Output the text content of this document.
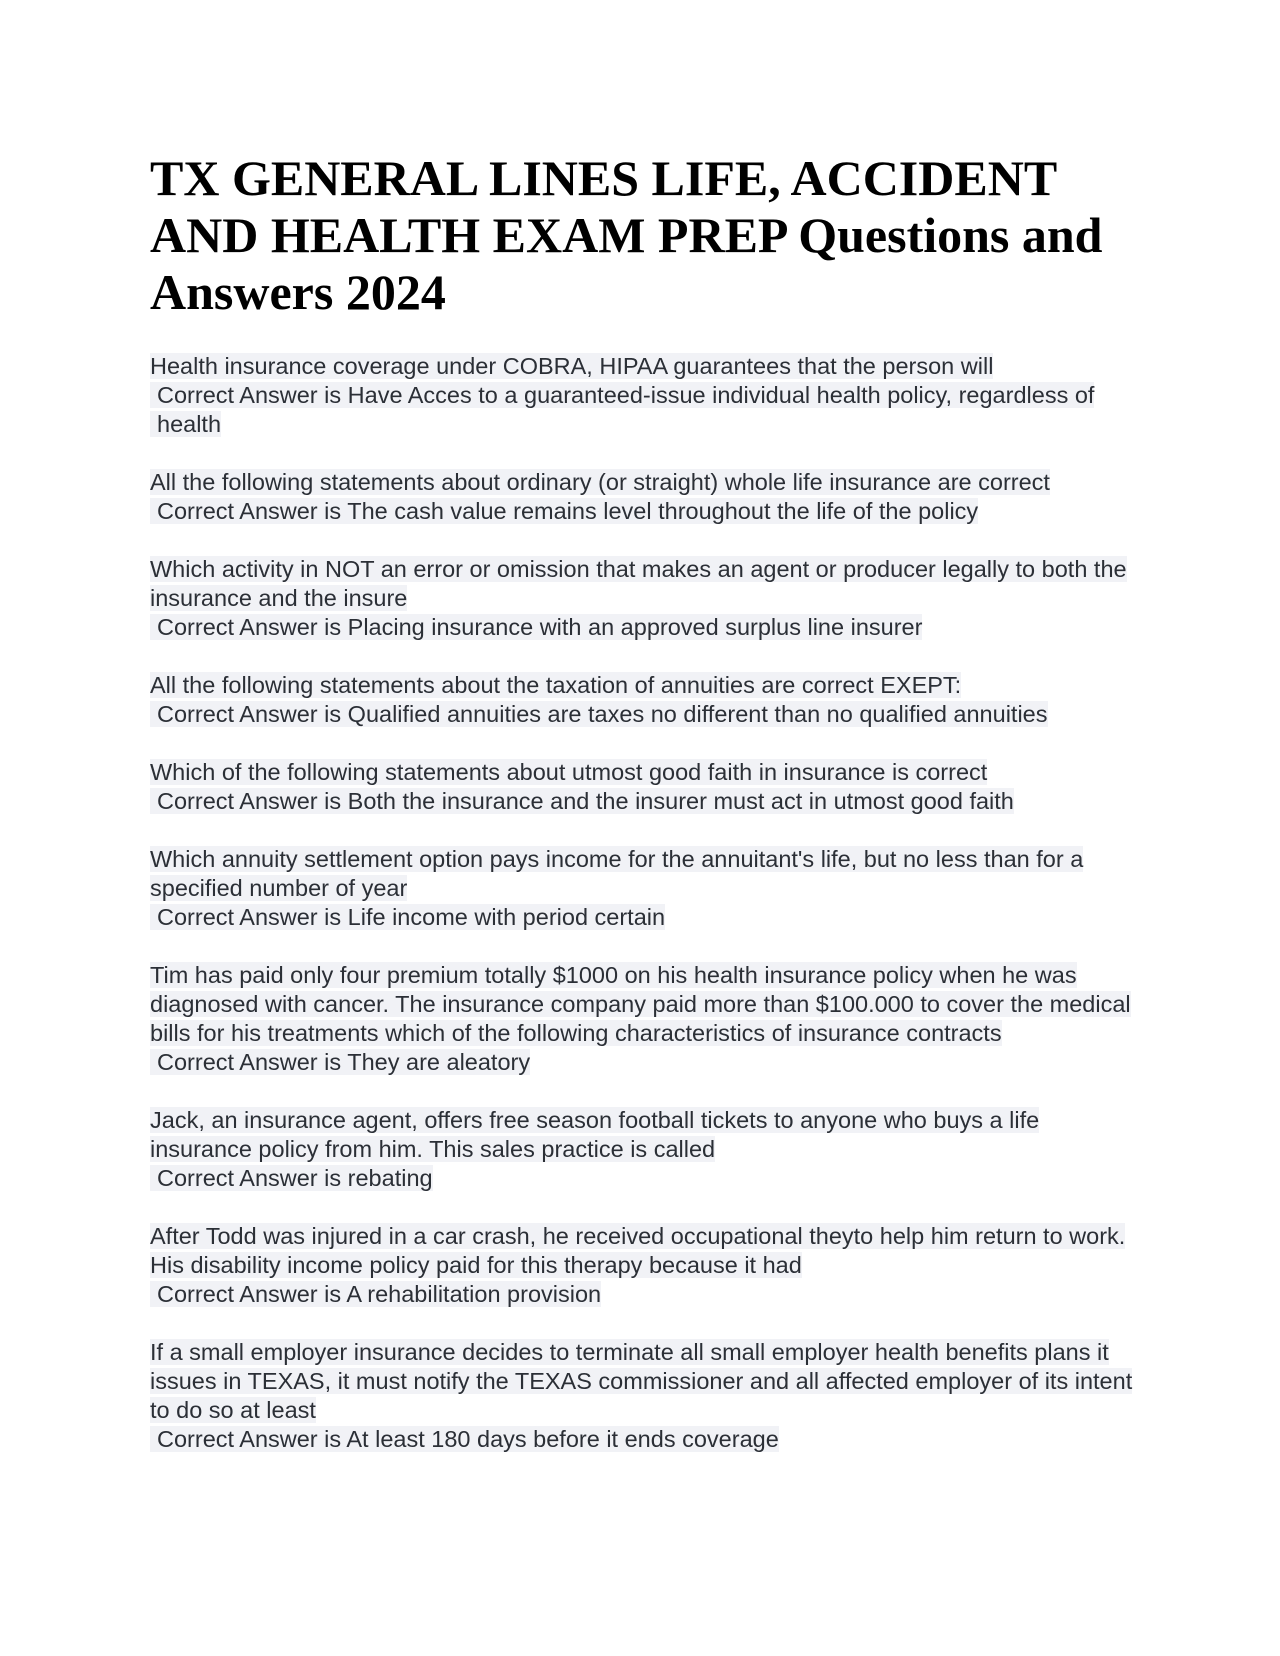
TX GENERAL LINES LIFE, ACCIDENT AND HEALTH EXAM PREP Questions and Answers 2024

Health insurance coverage under COBRA, HIPAA guarantees that the person will

Correct Answer is Have Acces to a guaranteed-issue individual health policy, regardless of health

All the following statements about ordinary (or straight) whole life insurance are correct

Correct Answer is The cash value remains level throughout the life of the policy

Which activity in NOT an error or omission that makes an agent or producer legally to both the insurance and the insure

Correct Answer is Placing insurance with an approved surplus line insurer

All the following statements about the taxation of annuities are correct EXEPT:

Correct Answer is Qualified annuities are taxes no different than no qualified annuities

Which of the following statements about utmost good faith in insurance is correct

Correct Answer is Both the insurance and the insurer must act in utmost good faith

Which annuity settlement option pays income for the annuitant's life, but no less than for a specified number of year

Correct Answer is Life income with period certain

Tim has paid only four premium totally $1000 on his health insurance policy when he was diagnosed with cancer. The insurance company paid more than $100.000 to cover the medical bills for his treatments which of the following characteristics of insurance contracts

Correct Answer is They are aleatory

Jack, an insurance agent, offers free season football tickets to anyone who buys a life insurance policy from him. This sales practice is called

Correct Answer is rebating

After Todd was injured in a car crash, he received occupational theyto help him return to work. His disability income policy paid for this therapy because it had

Correct Answer is A rehabilitation provision

If a small employer insurance decides to terminate all small employer health benefits plans it issues in TEXAS, it must notify the TEXAS commissioner and all affected employer of its intent to do so at least

Correct Answer is At least 180 days before it ends coverage
